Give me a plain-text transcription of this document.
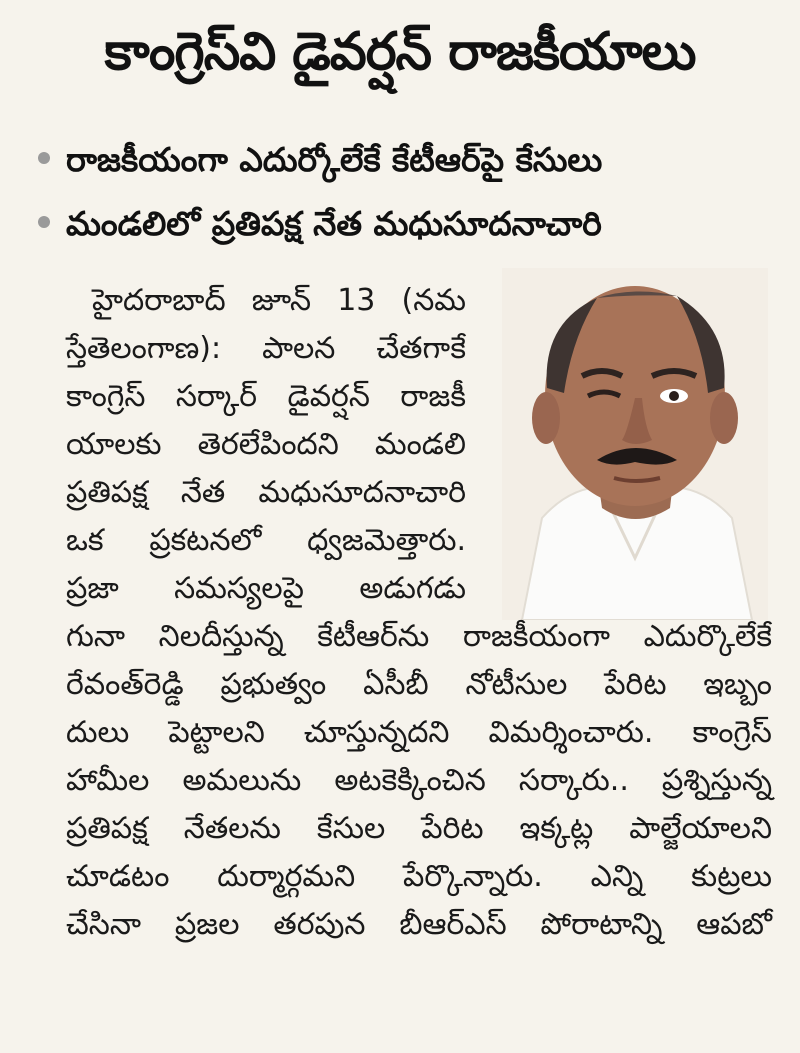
కాంగ్రెస్‌వి డైవర్షన్ రాజకీయాలు
రాజకీయంగా ఎదుర్కోలేకే కేటీఆర్‌పై కేసులు
మండలిలో ప్రతిపక్ష నేత మధుసూదనాచారి
హైదరాబాద్ జూన్ 13 (నమ
స్తేతెలంగాణ): పాలన చేతగాకే
కాంగ్రెస్ సర్కార్ డైవర్షన్ రాజకీ
యాలకు తెరలేపిందని మండలి
ప్రతిపక్ష నేత మధుసూదనాచారి
ఒక ప్రకటనలో ధ్వజమెత్తారు.
ప్రజా సమస్యలపై అడుగడు
గునా నిలదీస్తున్న కేటీఆర్‌ను రాజకీయంగా ఎదుర్కొలేకే
రేవంత్‌రెడ్డి ప్రభుత్వం ఏసీబీ నోటీసుల పేరిట ఇబ్బం
దులు పెట్టాలని చూస్తున్నదని విమర్శించారు. కాంగ్రెస్
హామీల అమలును అటకెక్కించిన సర్కారు.. ప్రశ్నిస్తున్న
ప్రతిపక్ష నేతలను కేసుల పేరిట ఇక్కట్ల పాల్జేయాలని
చూడటం దుర్మార్గమని పేర్కొన్నారు. ఎన్ని కుట్రలు
చేసినా ప్రజల తరపున బీఆర్ఎస్ పోరాటాన్ని ఆపబో
